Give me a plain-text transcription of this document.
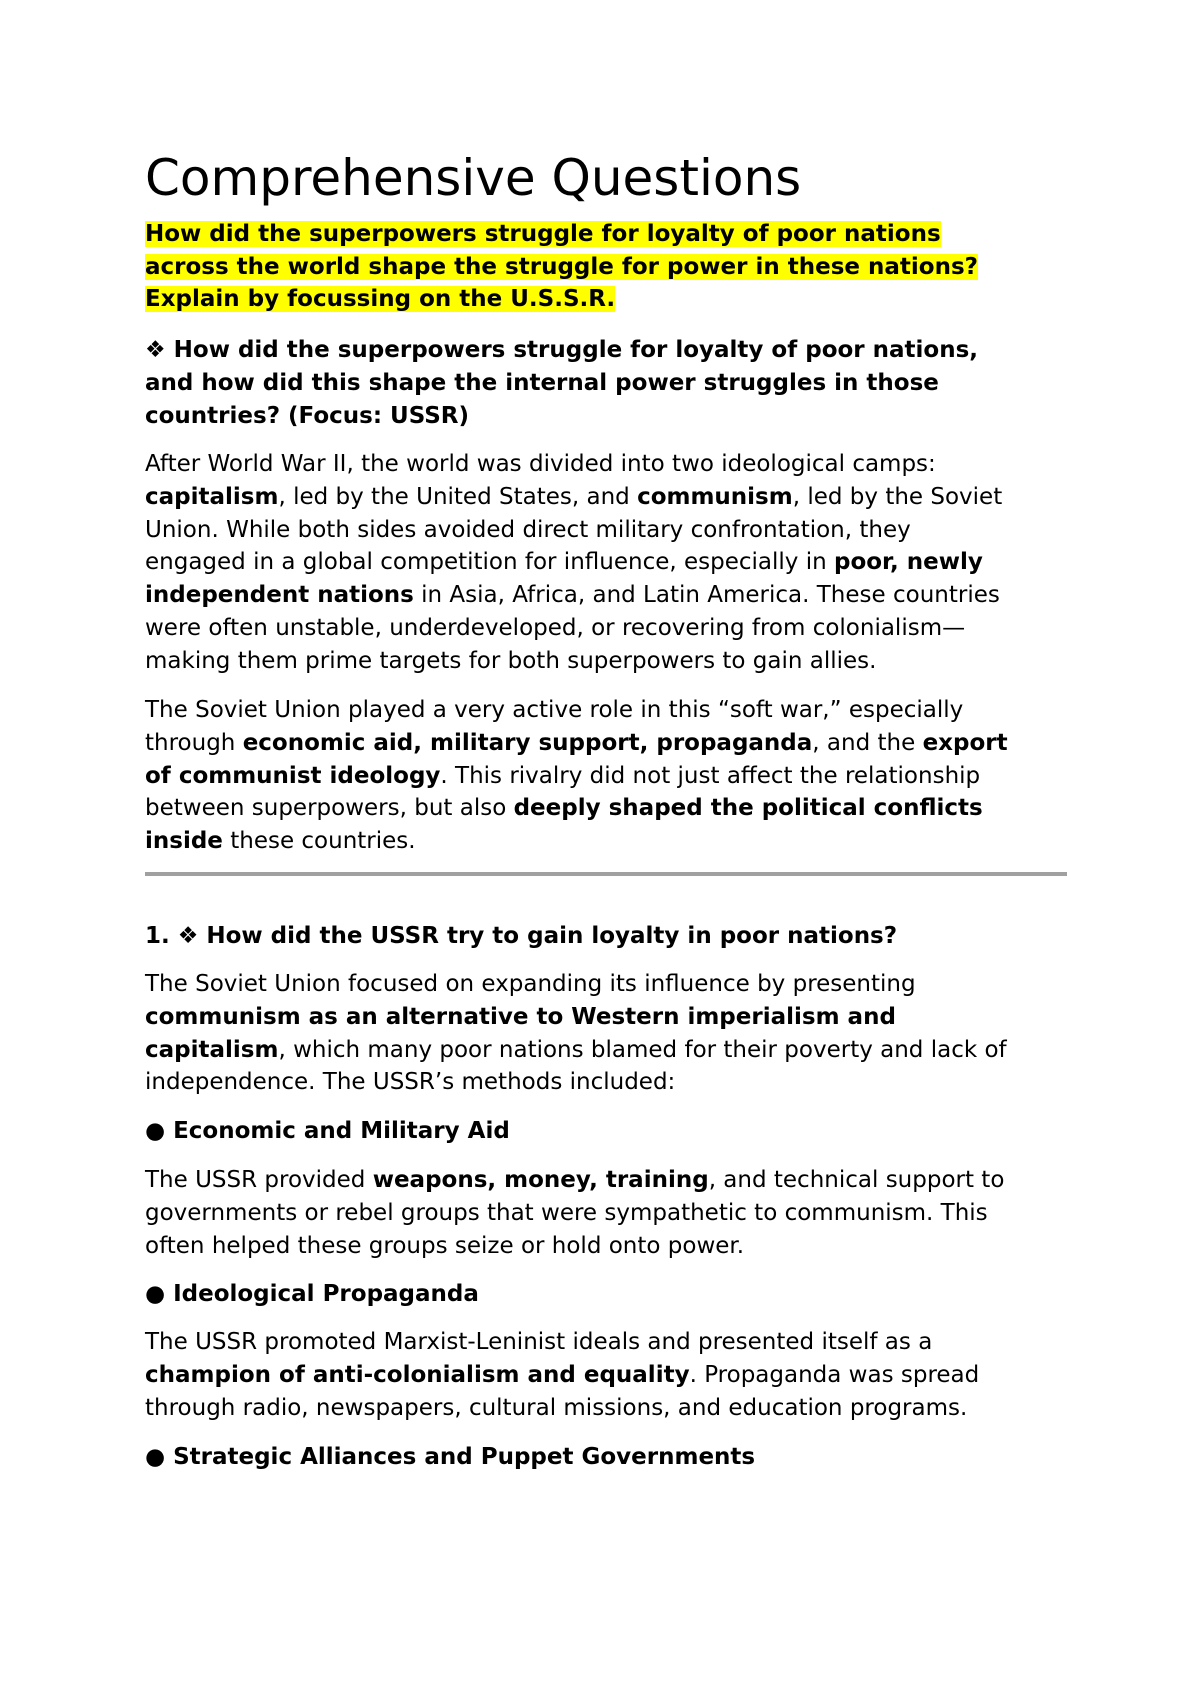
Comprehensive Questions
How did the superpowers struggle for loyalty of poor nations
across the world shape the struggle for power in these nations?
Explain by focussing on the U.S.S.R.
❖ How did the superpowers struggle for loyalty of poor nations,
and how did this shape the internal power struggles in those
countries? (Focus: USSR)
After World War II, the world was divided into two ideological camps:
capitalism, led by the United States, and communism, led by the Soviet
Union. While both sides avoided direct military confrontation, they
engaged in a global competition for influence, especially in poor, newly
independent nations in Asia, Africa, and Latin America. These countries
were often unstable, underdeveloped, or recovering from colonialism—
making them prime targets for both superpowers to gain allies.
The Soviet Union played a very active role in this “soft war,” especially
through economic aid, military support, propaganda, and the export
of communist ideology. This rivalry did not just affect the relationship
between superpowers, but also deeply shaped the political conflicts
inside these countries.
1. ❖ How did the USSR try to gain loyalty in poor nations?
The Soviet Union focused on expanding its influence by presenting
communism as an alternative to Western imperialism and
capitalism, which many poor nations blamed for their poverty and lack of
independence. The USSR’s methods included:
● Economic and Military Aid
The USSR provided weapons, money, training, and technical support to
governments or rebel groups that were sympathetic to communism. This
often helped these groups seize or hold onto power.
● Ideological Propaganda
The USSR promoted Marxist-Leninist ideals and presented itself as a
champion of anti-colonialism and equality. Propaganda was spread
through radio, newspapers, cultural missions, and education programs.
● Strategic Alliances and Puppet Governments
